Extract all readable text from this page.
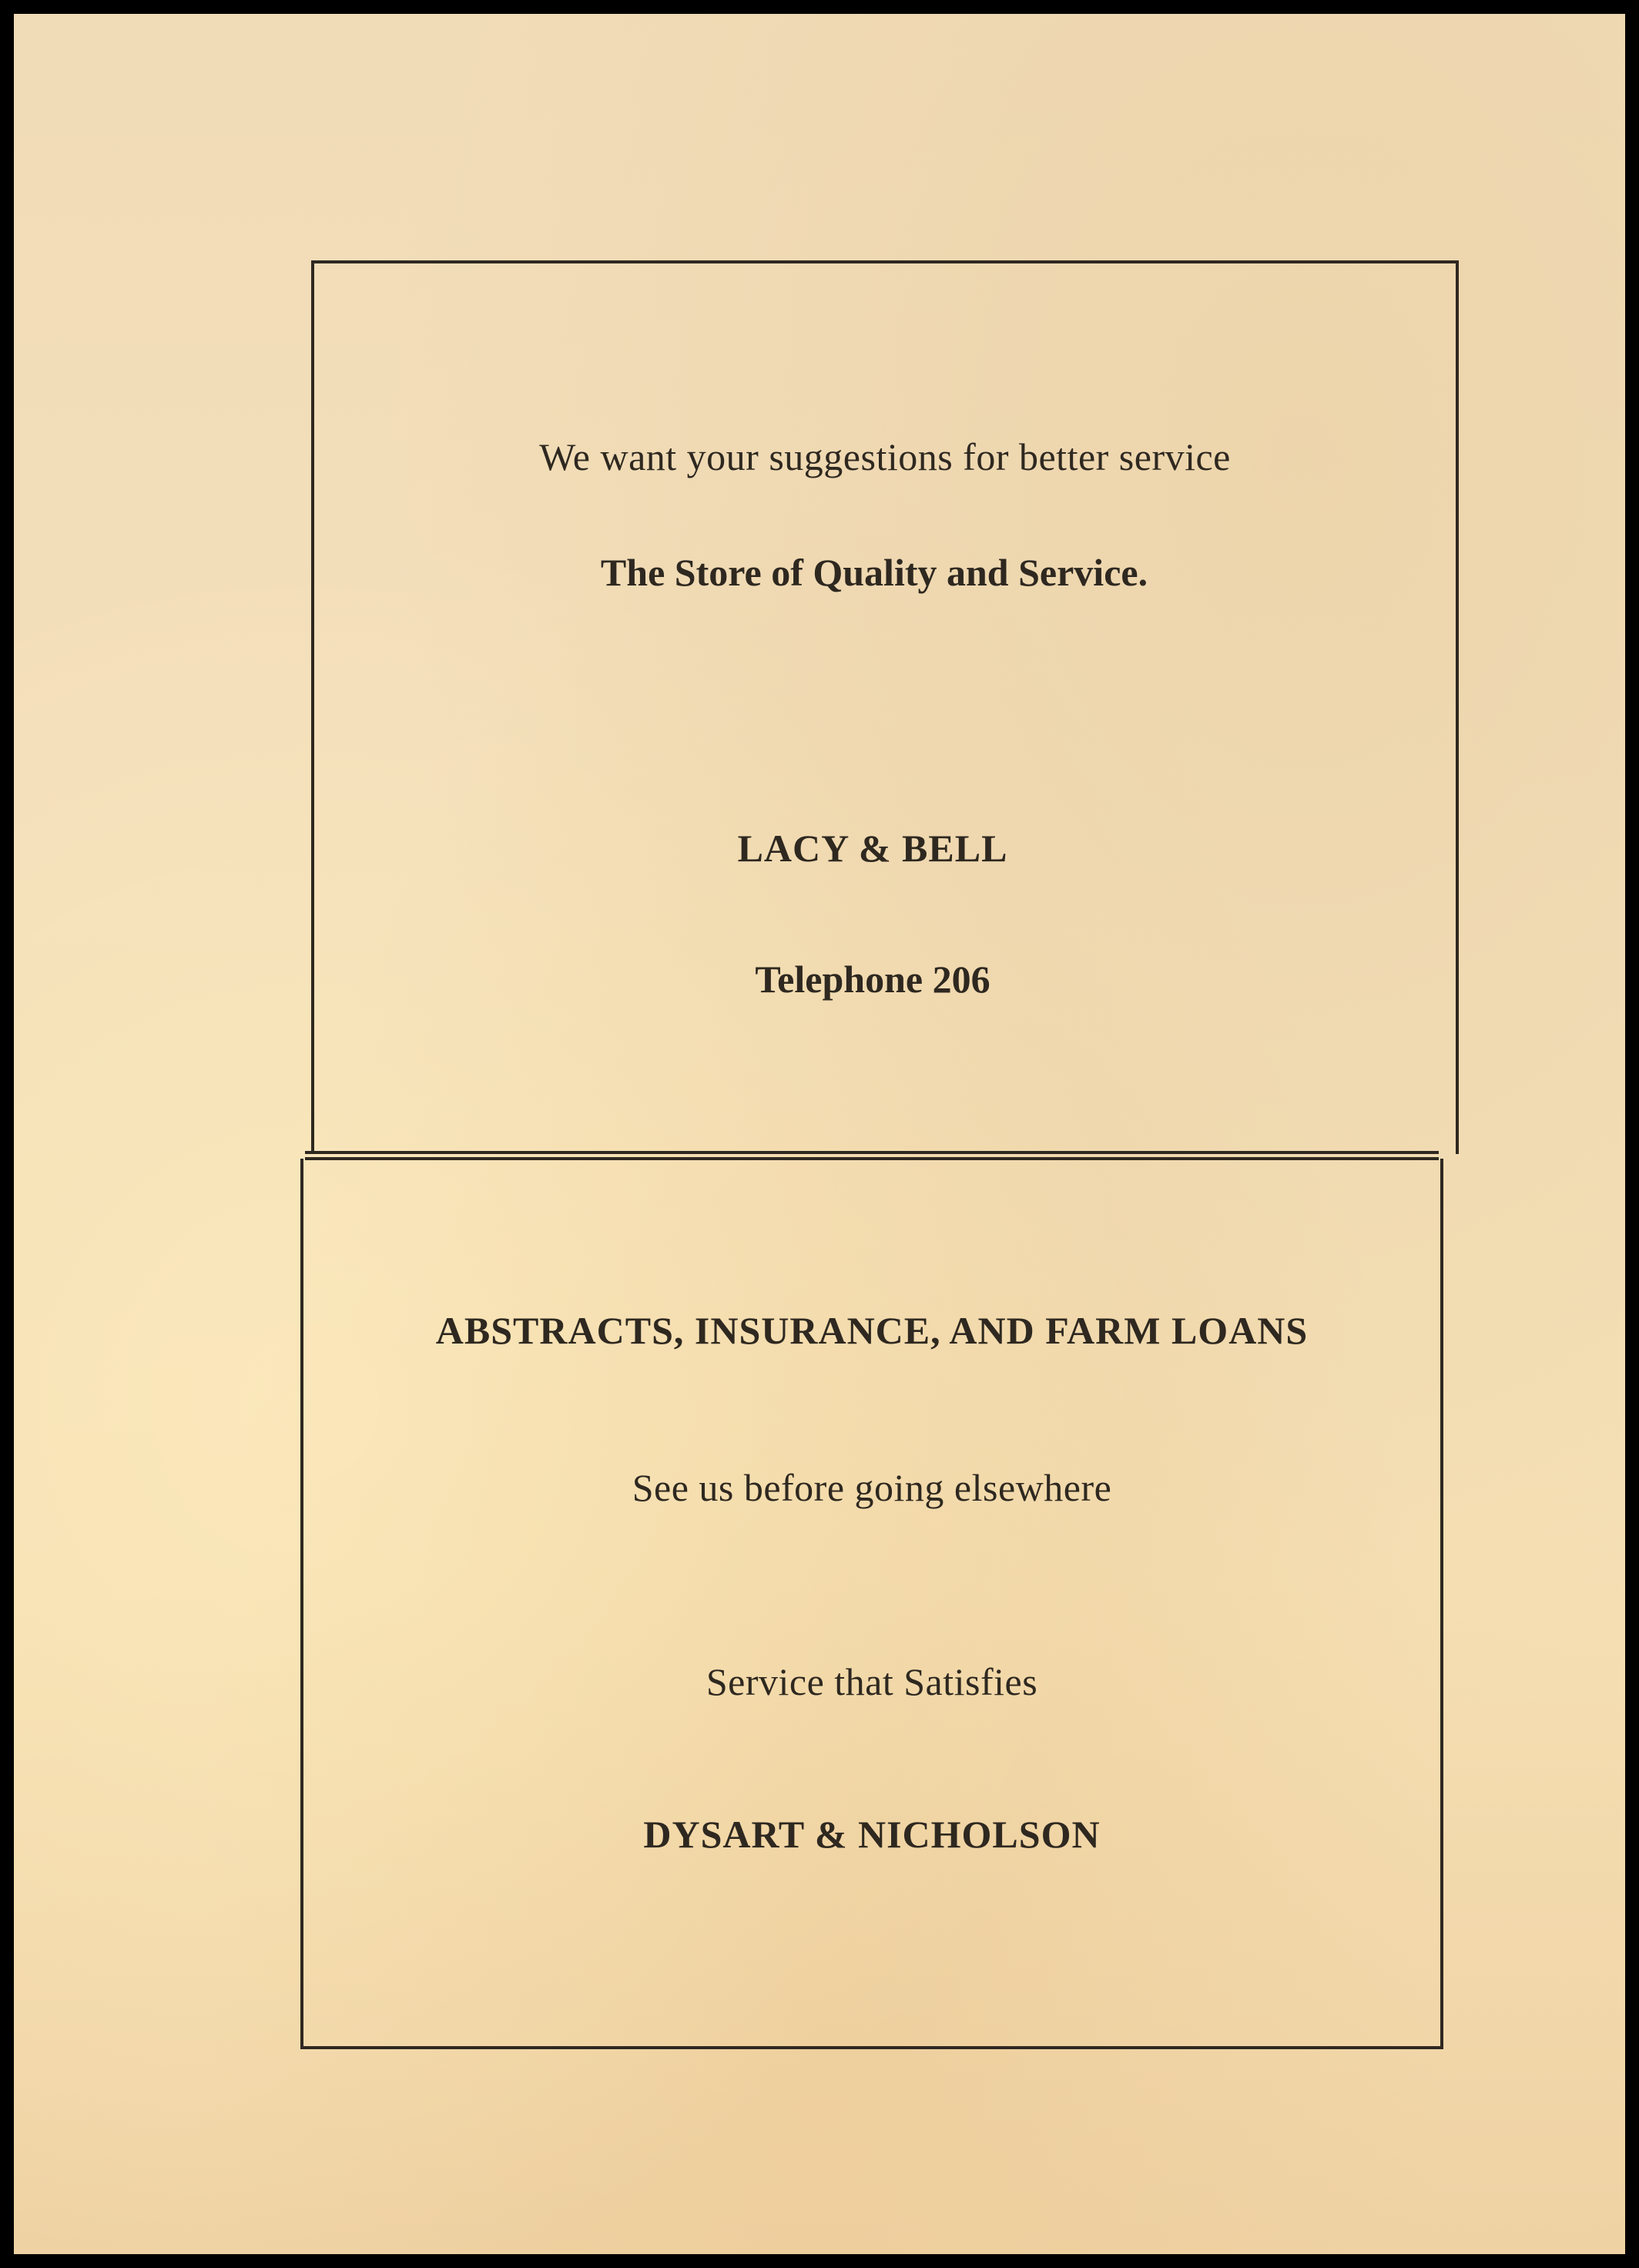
We want your suggestions for better service
The Store of Quality and Service.
LACY & BELL
Telephone 206
ABSTRACTS, INSURANCE, AND FARM LOANS
See us before going elsewhere
Service that Satisfies
DYSART & NICHOLSON
